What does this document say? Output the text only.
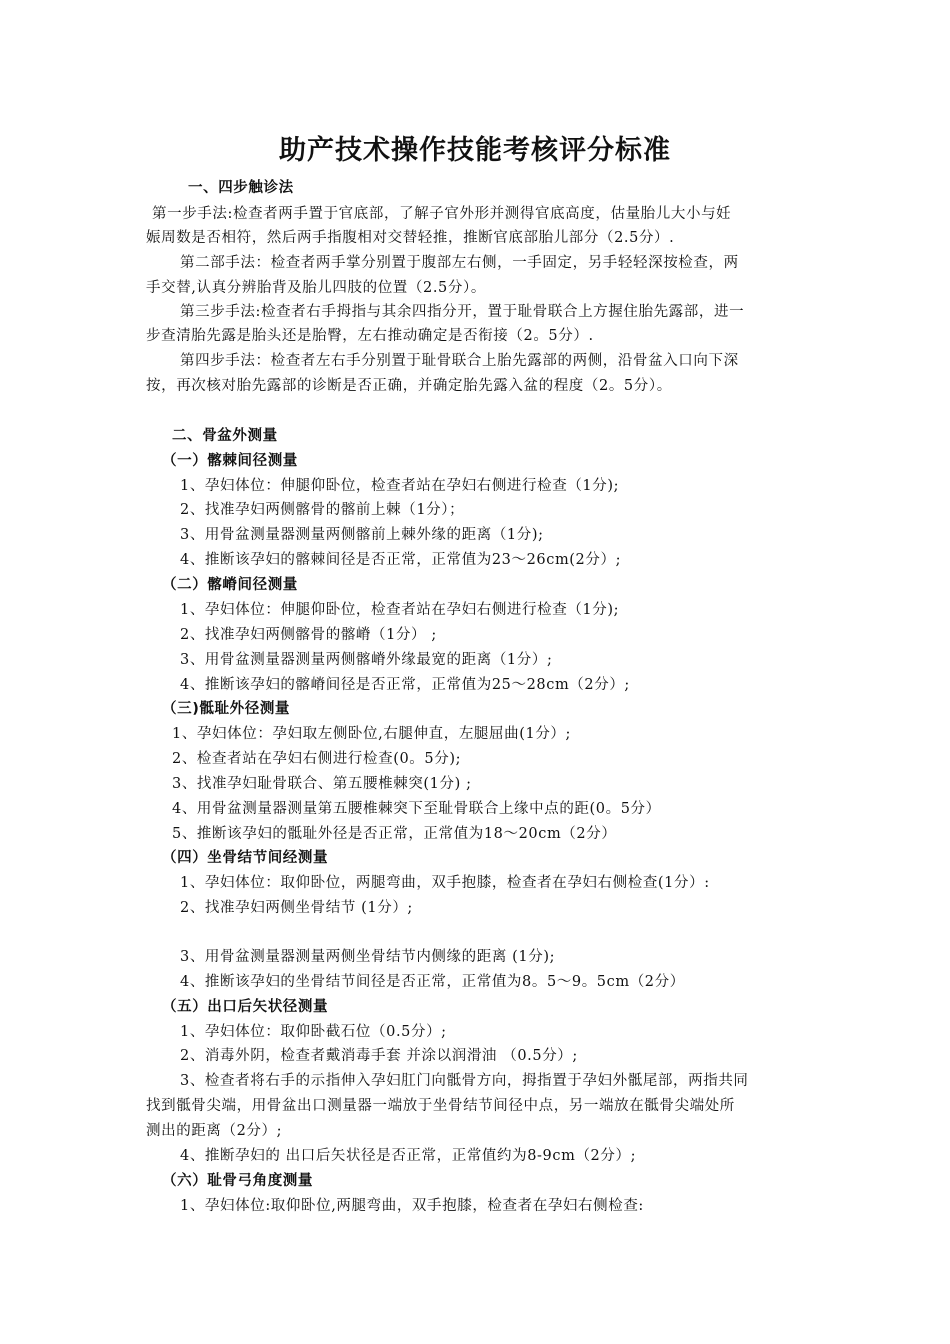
助产技术操作技能考核评分标准
一、四步触诊法
第一步手法:检查者两手置于官底部，了解子官外形并测得官底高度，估量胎儿大小与妊
娠周数是否相符，然后两手指腹相对交替轻推，推断官底部胎儿部分（2.5分）.
第二部手法：检查者两手掌分别置于腹部左右侧，一手固定，另手轻轻深按检查，两
手交替,认真分辨胎背及胎儿四肢的位置（2.5分）。
第三步手法:检查者右手拇指与其余四指分开，置于耻骨联合上方握住胎先露部，进一
步查清胎先露是胎头还是胎臀，左右推动确定是否衔接（2。5分）.
第四步手法：检查者左右手分别置于耻骨联合上胎先露部的两侧，沿骨盆入口向下深
按，再次核对胎先露部的诊断是否正确，并确定胎先露入盆的程度（2。5分）。
二、骨盆外测量
（一）髂棘间径测量
1、孕妇体位：伸腿仰卧位，检查者站在孕妇右侧进行检查（1分);
2、找准孕妇两侧髂骨的髂前上棘（1分）；
3、用骨盆测量器测量两侧髂前上棘外缘的距离（1分);
4、推断该孕妇的髂棘间径是否正常，正常值为23～26cm(2分）;
（二）髂嵴间径测量
1、孕妇体位：伸腿仰卧位，检查者站在孕妇右侧进行检查（1分);
2、找准孕妇两侧髂骨的髂嵴（1分） ;
3、用骨盆测量器测量两侧髂嵴外缘最宽的距离（1分）;
4、推断该孕妇的髂嵴间径是否正常，正常值为25～28cm（2分）;
（三)骶耻外径测量
1、孕妇体位：孕妇取左侧卧位,右腿伸直，左腿屈曲(1分）;
2、检查者站在孕妇右侧进行检查(0。5分);
3、找准孕妇耻骨联合、第五腰椎棘突(1分) ;
4、用骨盆测量器测量第五腰椎棘突下至耻骨联合上缘中点的距(0。5分）
5、推断该孕妇的骶耻外径是否正常，正常值为18～20cm（2分）
（四）坐骨结节间经测量
1、孕妇体位：取仰卧位，两腿弯曲，双手抱膝，检查者在孕妇右侧检查(1分）:
2、找准孕妇两侧坐骨结节 (1分）;
3、用骨盆测量器测量两侧坐骨结节内侧缘的距离 (1分);
4、推断该孕妇的坐骨结节间径是否正常，正常值为8。5～9。5cm（2分）
（五）出口后矢状径测量
1、孕妇体位：取仰卧截石位（0.5分）;
2、消毒外阴，检查者戴消毒手套 并涂以润滑油 （0.5分）;
3、检查者将右手的示指伸入孕妇肛门向骶骨方向，拇指置于孕妇外骶尾部，两指共同
找到骶骨尖端，用骨盆出口测量器一端放于坐骨结节间径中点，另一端放在骶骨尖端处所
测出的距离（2分）;
4、推断孕妇的 出口后矢状径是否正常，正常值约为8-9cm（2分）;
（六）耻骨弓角度测量
1、孕妇体位:取仰卧位,两腿弯曲，双手抱膝，检查者在孕妇右侧检查:
